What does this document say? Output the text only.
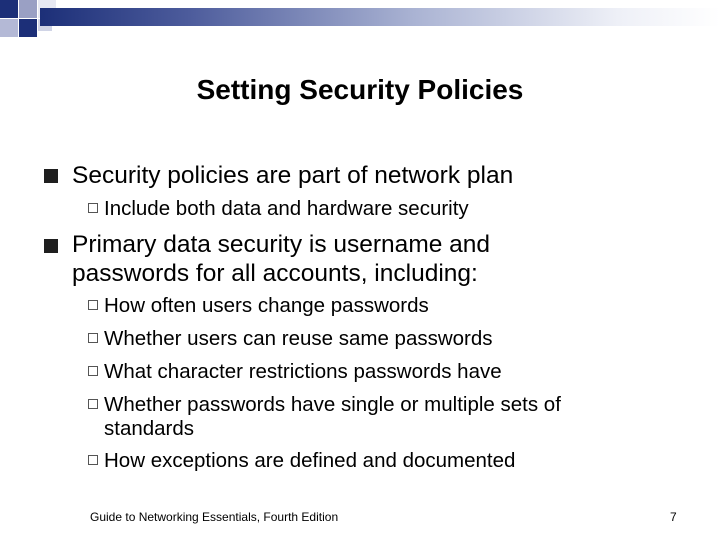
Setting Security Policies
Security policies are part of network plan
Include both data and hardware security
Primary data security is username and
passwords for all accounts, including:
How often users change passwords
Whether users can reuse same passwords
What character restrictions passwords have
Whether passwords have single or multiple sets of
standards
How exceptions are defined and documented
Guide to Networking Essentials, Fourth Edition	7
